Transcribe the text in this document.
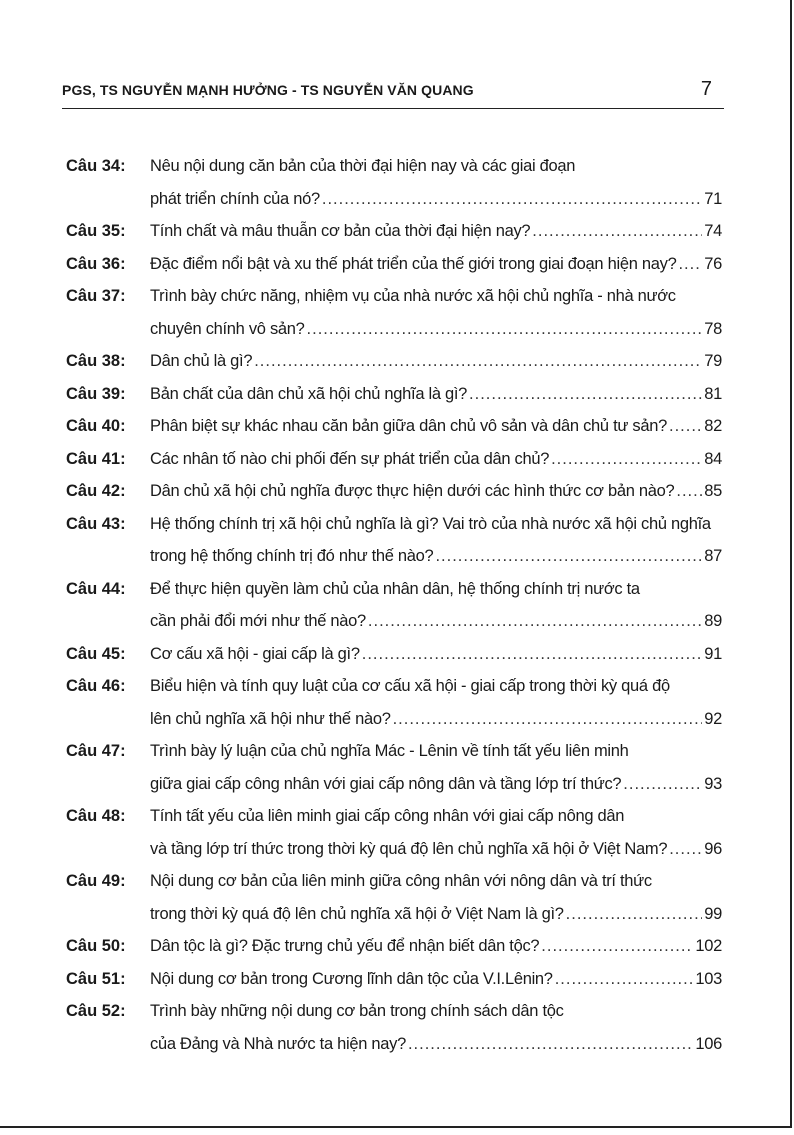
PGS, TS NGUYỄN MẠNH HƯỞNG - TS NGUYỄN VĂN QUANG	7
Câu 34: Nêu nội dung căn bản của thời đại hiện nay và các giai đoạn
phát triển chính của nó? .....	71
Câu 35: Tính chất và mâu thuẫn cơ bản của thời đại hiện nay? .....	74
Câu 36: Đặc điểm nổi bật và xu thế phát triển của thế giới trong giai đoạn hiện nay? ..... 76
Câu 37: Trình bày chức năng, nhiệm vụ của nhà nước xã hội chủ nghĩa - nhà nước
chuyên chính vô sản? .....	78
Câu 38: Dân chủ là gì? .....	79
Câu 39: Bản chất của dân chủ xã hội chủ nghĩa là gì? .....	81
Câu 40: Phân biệt sự khác nhau căn bản giữa dân chủ vô sản và dân chủ tư sản? ..... 82
Câu 41: Các nhân tố nào chi phối đến sự phát triển của dân chủ? .....	84
Câu 42: Dân chủ xã hội chủ nghĩa được thực hiện dưới các hình thức cơ bản nào? ..... 85
Câu 43: Hệ thống chính trị xã hội chủ nghĩa là gì? Vai trò của nhà nước xã hội chủ nghĩa
trong hệ thống chính trị đó như thế nào? .....	87
Câu 44: Để thực hiện quyền làm chủ của nhân dân, hệ thống chính trị nước ta
cần phải đổi mới như thế nào? .....	89
Câu 45: Cơ cấu xã hội - giai cấp là gì? .....	91
Câu 46: Biểu hiện và tính quy luật của cơ cấu xã hội - giai cấp trong thời kỳ quá độ
lên chủ nghĩa xã hội như thế nào? .....	92
Câu 47: Trình bày lý luận của chủ nghĩa Mác - Lênin về tính tất yếu liên minh
giữa giai cấp công nhân với giai cấp nông dân và tầng lớp trí thức? .....	93
Câu 48: Tính tất yếu của liên minh giai cấp công nhân với giai cấp nông dân
và tầng lớp trí thức trong thời kỳ quá độ lên chủ nghĩa xã hội ở Việt Nam? ..... 96
Câu 49: Nội dung cơ bản của liên minh giữa công nhân với nông dân và trí thức
trong thời kỳ quá độ lên chủ nghĩa xã hội ở Việt Nam là gì? .....	99
Câu 50: Dân tộc là gì? Đặc trưng chủ yếu để nhận biết dân tộc? .....	102
Câu 51: Nội dung cơ bản trong Cương lĩnh dân tộc của V.I.Lênin? .....	103
Câu 52: Trình bày những nội dung cơ bản trong chính sách dân tộc
của Đảng và Nhà nước ta hiện nay? .....	106
